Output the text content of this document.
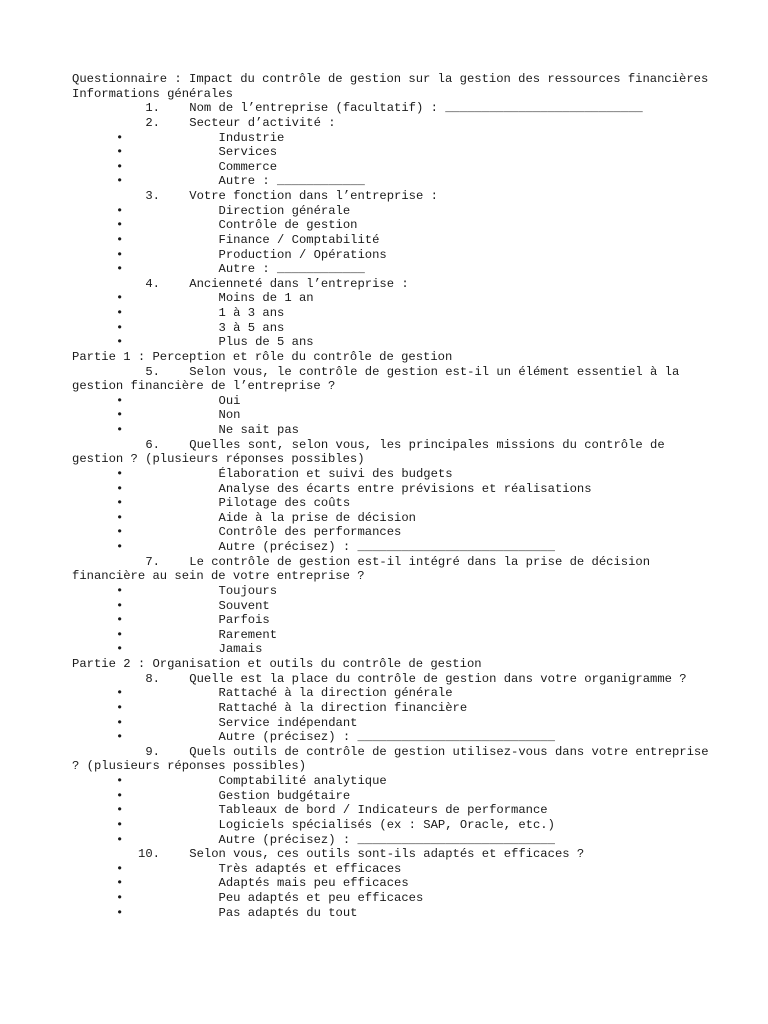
Questionnaire : Impact du contrôle de gestion sur la gestion des ressources financières
Informations générales
1.    Nom de l’entreprise (facultatif) : ___________________________
2.    Secteur d’activité :
•	Industrie
•	Services
•	Commerce
•	Autre : ____________
3.    Votre fonction dans l’entreprise :
•	Direction générale
•	Contrôle de gestion
•	Finance / Comptabilité
•	Production / Opérations
•	Autre : ____________
4.    Ancienneté dans l’entreprise :
•	Moins de 1 an
•	1 à 3 ans
•	3 à 5 ans
•	Plus de 5 ans
Partie 1 : Perception et rôle du contrôle de gestion
5.    Selon vous, le contrôle de gestion est-il un élément essentiel à la
gestion financière de l’entreprise ?
•	Oui
•	Non
•	Ne sait pas
6.    Quelles sont, selon vous, les principales missions du contrôle de
gestion ? (plusieurs réponses possibles)
•	Élaboration et suivi des budgets
•	Analyse des écarts entre prévisions et réalisations
•	Pilotage des coûts
•	Aide à la prise de décision
•	Contrôle des performances
•	Autre (précisez) : ___________________________
7.    Le contrôle de gestion est-il intégré dans la prise de décision
financière au sein de votre entreprise ?
•	Toujours
•	Souvent
•	Parfois
•	Rarement
•	Jamais
Partie 2 : Organisation et outils du contrôle de gestion
8.    Quelle est la place du contrôle de gestion dans votre organigramme ?
•	Rattaché à la direction générale
•	Rattaché à la direction financière
•	Service indépendant
•	Autre (précisez) : ___________________________
9.    Quels outils de contrôle de gestion utilisez-vous dans votre entreprise
? (plusieurs réponses possibles)
•	Comptabilité analytique
•	Gestion budgétaire
•	Tableaux de bord / Indicateurs de performance
•	Logiciels spécialisés (ex : SAP, Oracle, etc.)
•	Autre (précisez) : ___________________________
10.    Selon vous, ces outils sont-ils adaptés et efficaces ?
•	Très adaptés et efficaces
•	Adaptés mais peu efficaces
•	Peu adaptés et peu efficaces
•	Pas adaptés du tout
